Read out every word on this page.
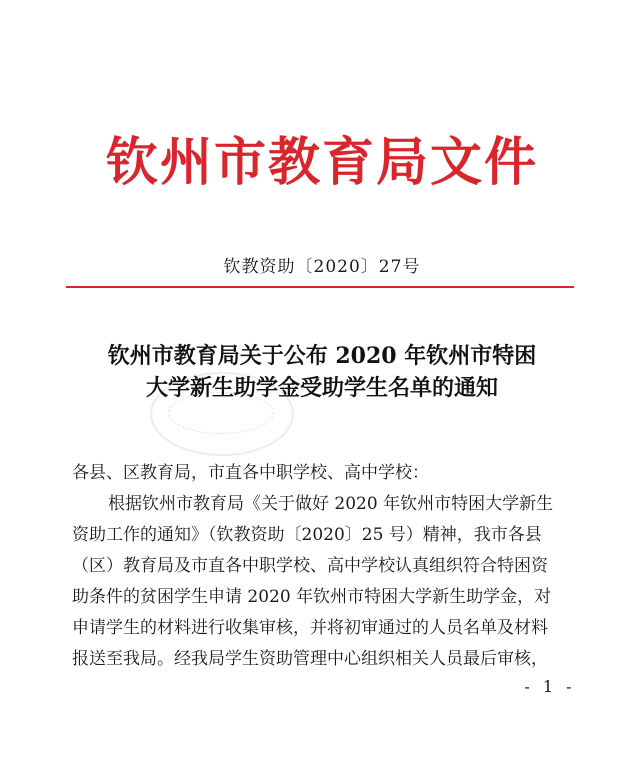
钦州市教育局文件
钦教资助〔2020〕27号
钦州市教育局关于公布 2020 年钦州市特困
大学新生助学金受助学生名单的通知
各县、区教育局，市直各中职学校、高中学校：
根据钦州市教育局《关于做好 2020 年钦州市特困大学新生
资助工作的通知》（钦教资助〔2020〕25 号）精神，我市各县
（区）教育局及市直各中职学校、高中学校认真组织符合特困资
助条件的贫困学生申请 2020 年钦州市特困大学新生助学金，对
申请学生的材料进行收集审核，并将初审通过的人员名单及材料
报送至我局。经我局学生资助管理中心组织相关人员最后审核，
- 1 -
